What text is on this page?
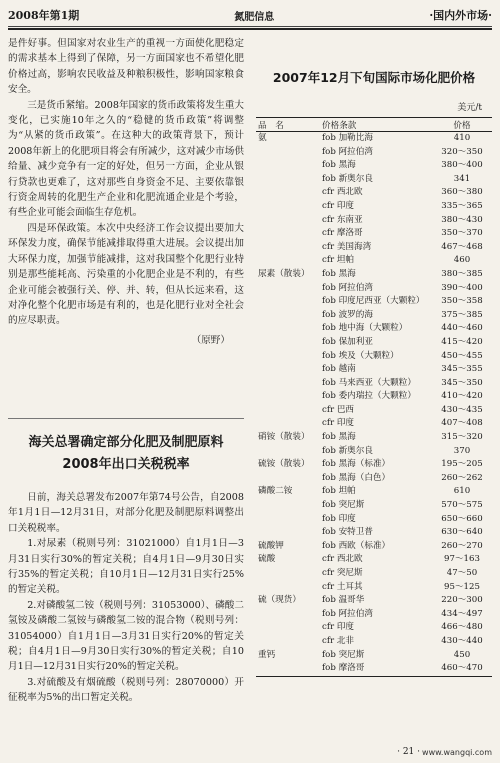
2008年第1期	氮肥信息	·国内外市场·

是件好事。但国家对农业生产的重视一方面使化肥稳定的需求基本上得到了保障，另一方面国家也不希望化肥价格过高，影响农民收益及种粮积极性，影响国家粮食安全。

三是货币紧缩。2008年国家的货币政策将发生重大变化，已实施10年之久的“稳健的货币政策”将调整为“从紧的货币政策”。在这种大的政策背景下，预计2008年新上的化肥项目将会有所减少，这对减少市场供给量、减少竞争有一定的好处，但另一方面，企业从银行贷款也更难了，这对那些自身资金不足、主要依靠银行资金周转的化肥生产企业和化肥流通企业是个考验，有些企业可能会面临生存危机。

四是环保政策。本次中央经济工作会议提出要加大环保发力度，确保节能减排取得重大进展。会议提出加大环保力度，加强节能减排，这对我国整个化肥行业特别是那些能耗高、污染重的小化肥企业是不利的，有些企业可能会被强行关、停、并、转，但从长远来看，这对净化整个化肥市场是有利的，也是化肥行业对全社会的应尽职责。

（原野）

海关总署确定部分化肥及制肥原料
2008年出口关税税率

日前，海关总署发布2007年第74号公告，自2008年1月1日—12月31日，对部分化肥及制肥原料调整出口关税税率。

1.对尿素（税则号列：31021000）自1月1日—3月31日实行30%的暂定关税；自4月1日—9月30日实行35%的暂定关税；自10月1日—12月31日实行25%的暂定关税。

2.对磷酸氢二铵（税则号列：31053000）、磷酸二氢铵及磷酸二氢铵与磷酸氢二铵的混合物（税则号列：31054000）自1月1日—3月31日实行20%的暂定关税；自4月1日—9月30日实行30%的暂定关税；自10月1日—12月31日实行20%的暂定关税。

3.对硫酸及有烟硫酸（税则号列：28070000）开征税率为5%的出口暂定关税。

2007年12月下旬国际市场化肥价格
美元/t
品　名	价格条款	价格
氨	fob 加勒比海	410
	fob 阿拉伯湾	320～350
	fob 黑海	380～400
	fob 新奥尔良	341
	cfr 西北欧	360～380
	cfr 印度	335～365
	cfr 东南亚	380～430
	cfr 摩洛哥	350～370
	cfr 美国海湾	467～468
	cfr 坦帕	460
尿素（散装）	fob 黑海	380～385
	fob 阿拉伯湾	390～400
	fob 印度尼西亚（大颗粒）	350～358
	fob 波罗的海	375～385
	fob 地中海（大颗粒）	440～460
	fob 保加利亚	415～420
	fob 埃及（大颗粒）	450～455
	fob 越南	345～355
	fob 马来西亚（大颗粒）	345～350
	fob 委内瑞拉（大颗粒）	410～420
	cfr 巴西	430～435
	cfr 印度	407～408
硝铵（散装）	fob 黑海	315～320
	fob 新奥尔良	370
硫铵（散装）	fob 黑海（标准）	195～205
	fob 黑海（白色）	260～262
磷酸二铵	fob 坦帕	610
	fob 突尼斯	570～575
	fob 印度	650～660
	fob 安特卫普	630～640
硫酸钾	fob 西欧（标准）	260～270
硫酸	cfr 西北欧	97～163
	cfr 突尼斯	47～50
	cfr 土耳其	95～125
硫（现货）	fob 温哥华	220～300
	fob 阿拉伯湾	434～497
	cfr 印度	466～480
	cfr 北非	430～440
重钙	fob 突尼斯	450
	fob 摩洛哥	460～470
· 21 · www.wangqi.com
